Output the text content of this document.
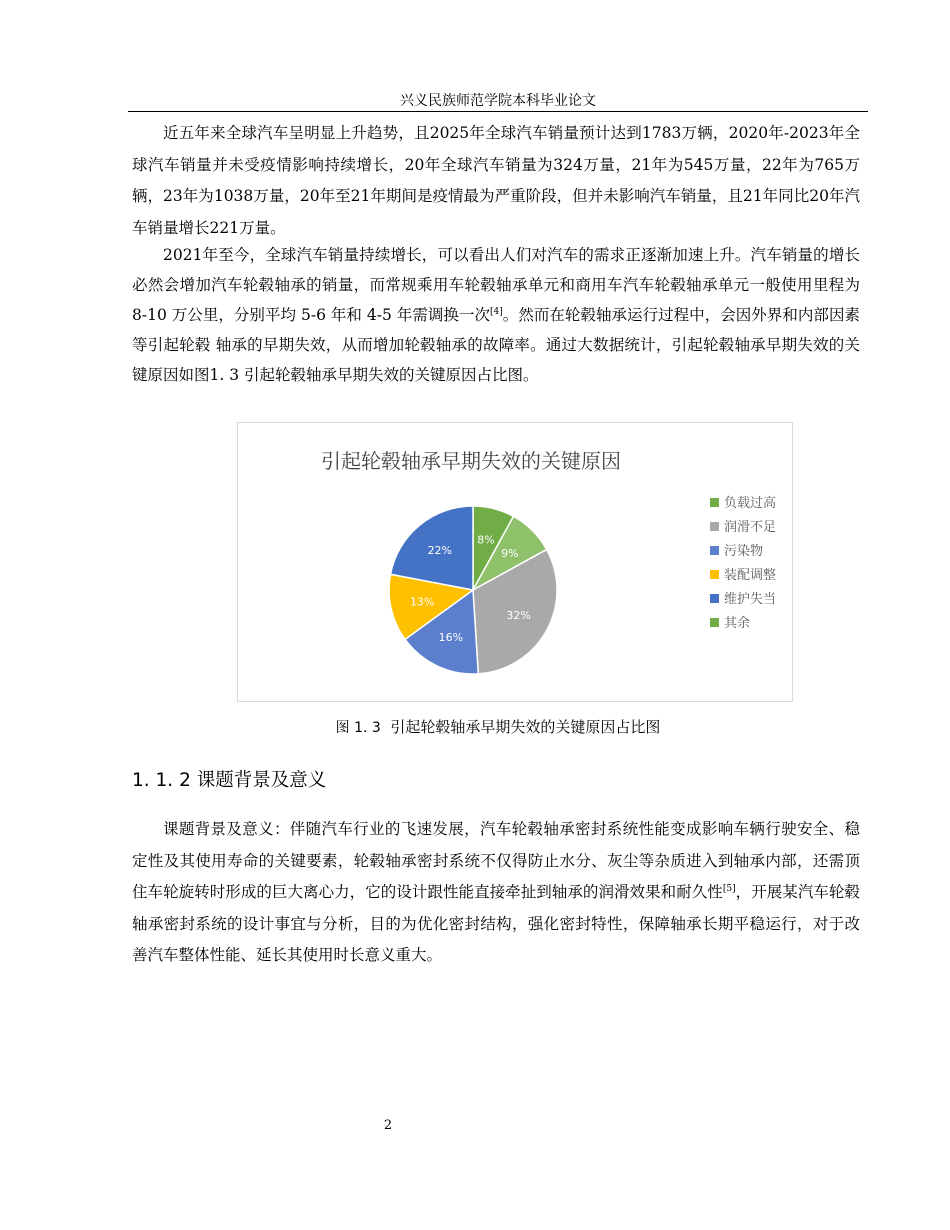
兴义民族师范学院本科毕业论文

近五年来全球汽车呈明显上升趋势，且2025年全球汽车销量预计达到1783万辆，2020年-2023年全球汽车销量并未受疫情影响持续增长，20年全球汽车销量为324万量，21年为545万量，22年为765万辆，23年为1038万量，20年至21年期间是疫情最为严重阶段，但并未影响汽车销量，且21年同比20年汽车销量增长221万量。

2021年至今，全球汽车销量持续增长，可以看出人们对汽车的需求正逐渐加速上升。汽车销量的增长必然会增加汽车轮毂轴承的销量，而常规乘用车轮毂轴承单元和商用车汽车轮毂轴承单元一般使用里程为 8-10 万公里，分别平均 5-6 年和 4-5 年需调换一次[4]。然而在轮毂轴承运行过程中，会因外界和内部因素等引起轮毂 轴承的早期失效，从而增加轮毂轴承的故障率。通过大数据统计，引起轮毂轴承早期失效的关键原因如图1. 3 引起轮毂轴承早期失效的关键原因占比图。

引起轮毂轴承早期失效的关键原因
8%
9%
32%
16%
13%
22%
负载过高
润滑不足
污染物
装配调整
维护失当
其余
图 1. 3 引起轮毂轴承早期失效的关键原因占比图
1. 1. 2 课题背景及意义

课题背景及意义：伴随汽车行业的飞速发展，汽车轮毂轴承密封系统性能变成影响车辆行驶安全、稳定性及其使用寿命的关键要素，轮毂轴承密封系统不仅得防止水分、灰尘等杂质进入到轴承内部，还需顶住车轮旋转时形成的巨大离心力，它的设计跟性能直接牵扯到轴承的润滑效果和耐久性[5]，开展某汽车轮毂轴承密封系统的设计事宜与分析，目的为优化密封结构，强化密封特性，保障轴承长期平稳运行，对于改善汽车整体性能、延长其使用时长意义重大。

2
